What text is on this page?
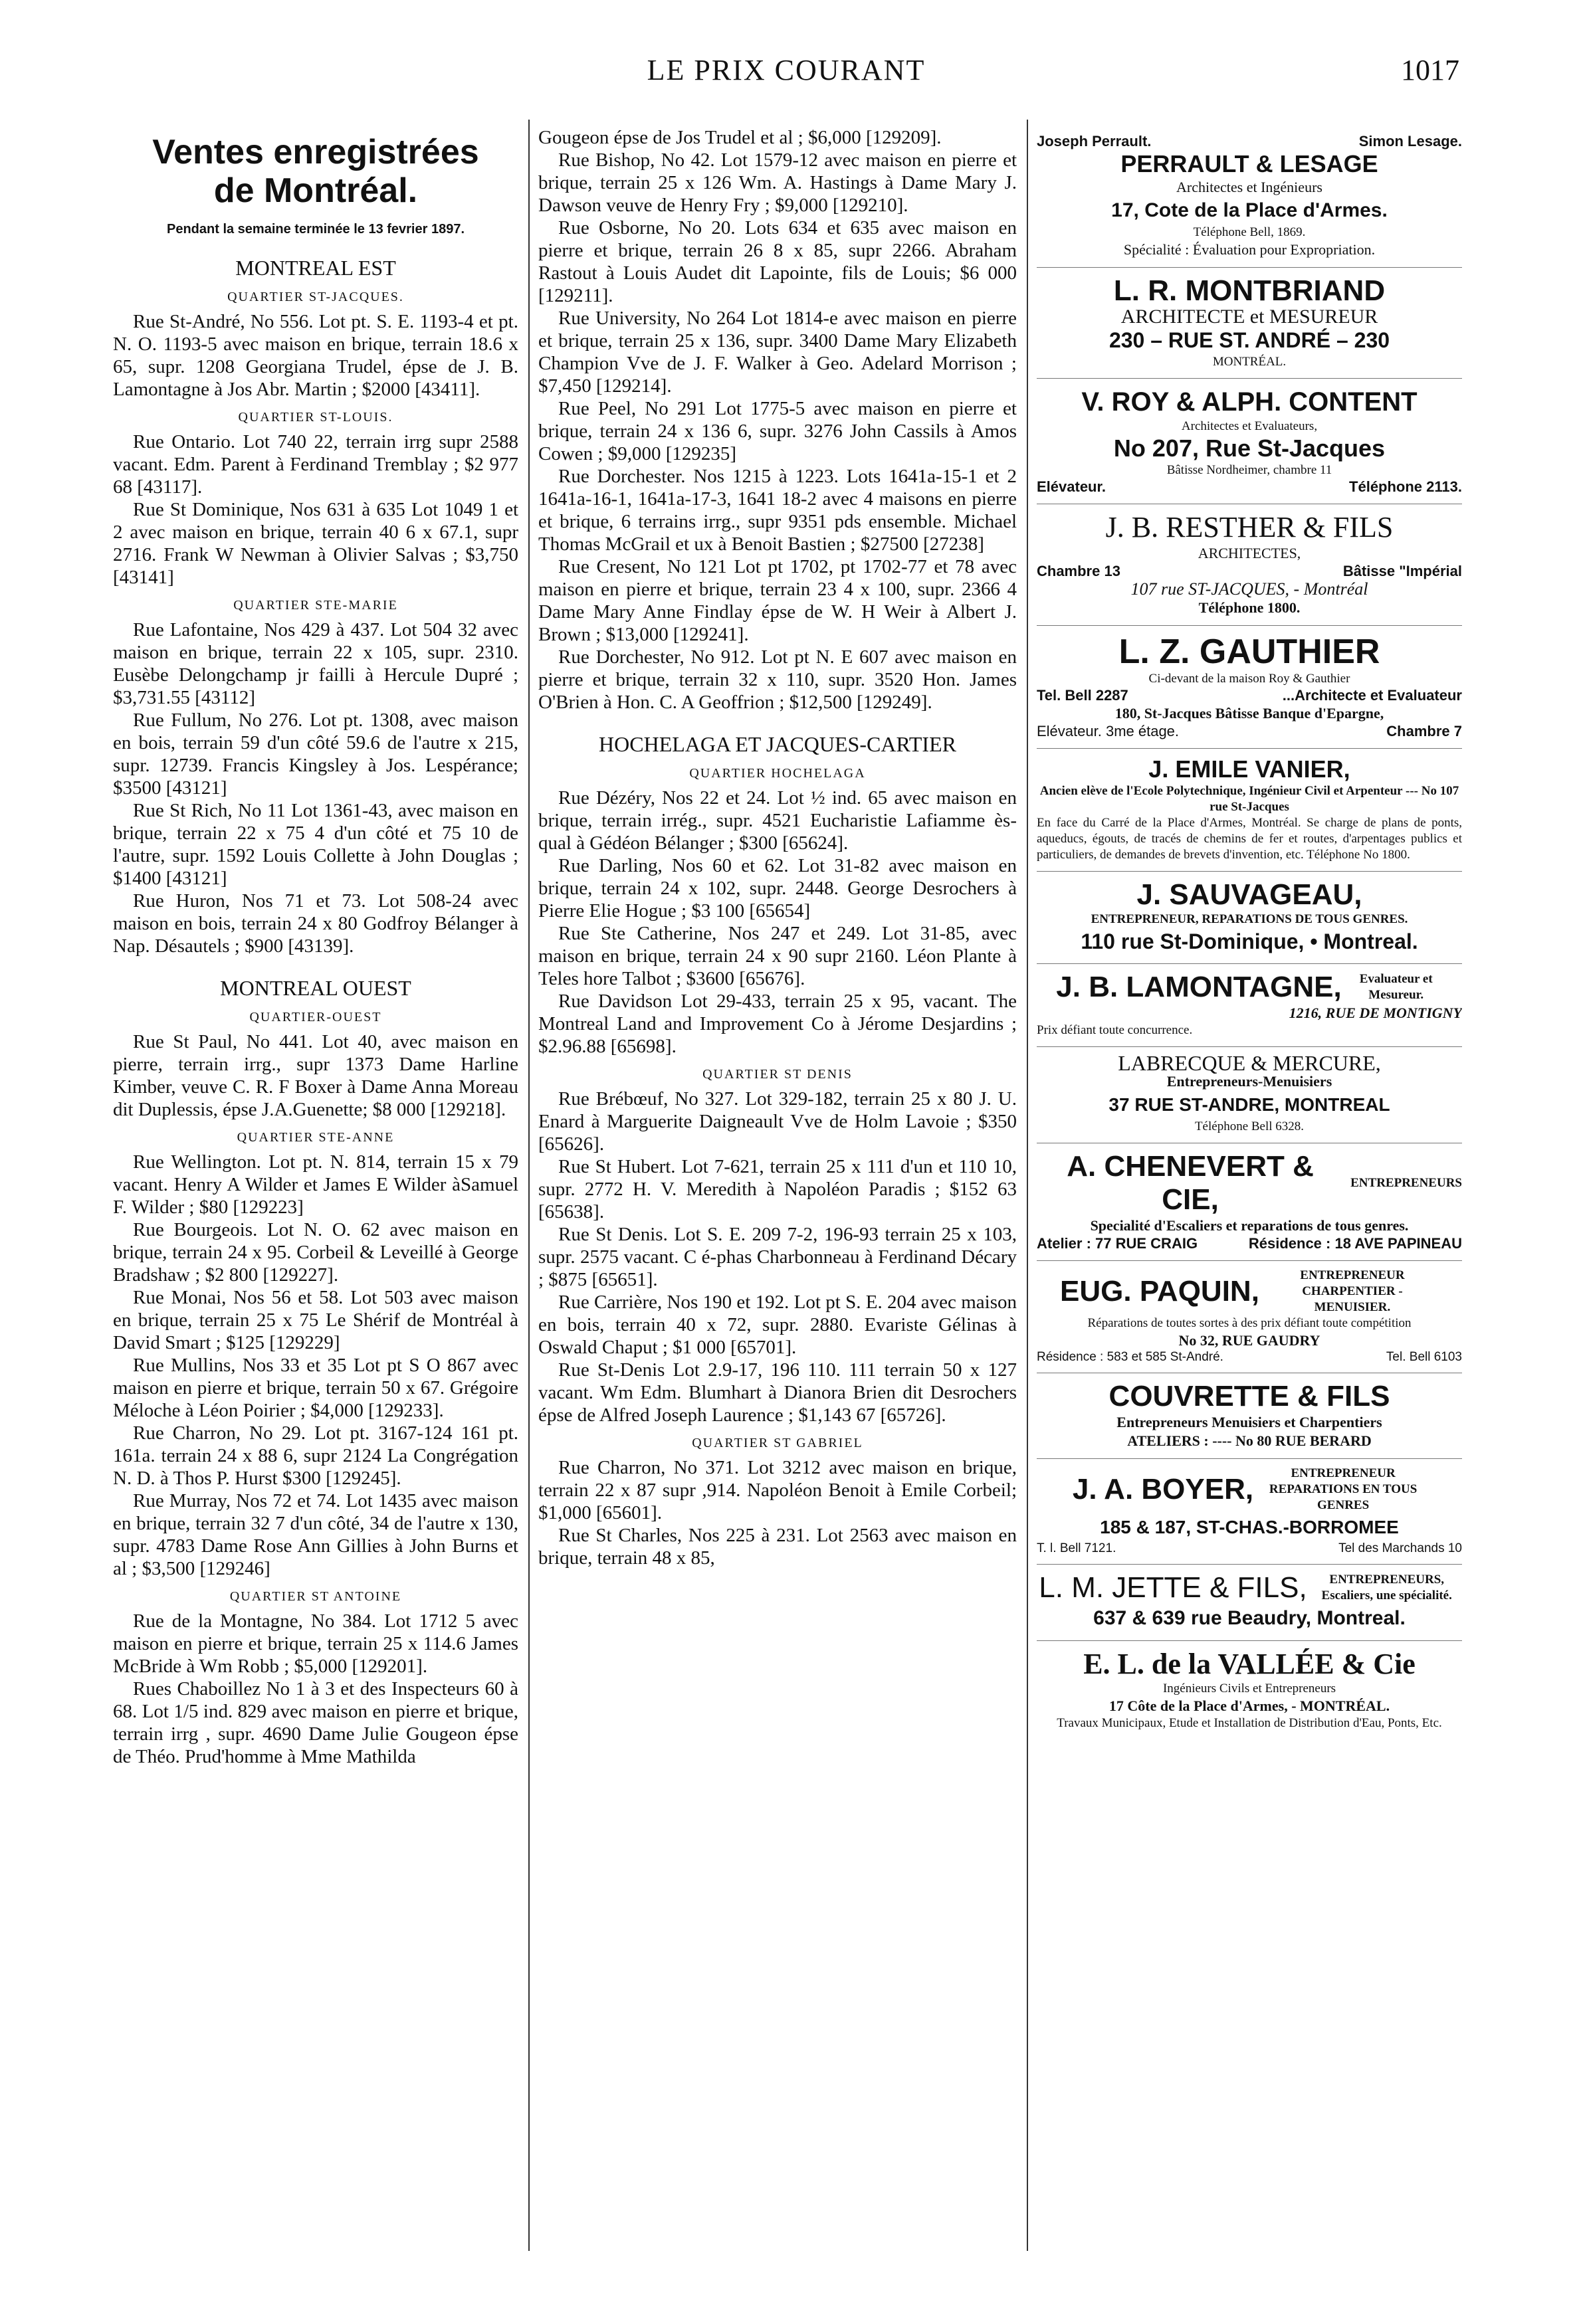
LE PRIX COURANT	1017
Ventes enregistrées
de Montréal.
Pendant la semaine terminée le 13 fevrier 1897.
MONTREAL EST
QUARTIER ST-JACQUES.

Rue St-André, No 556. Lot pt. S. E. 1193-4 et pt. N. O. 1193-5 avec maison en brique, terrain 18.6 x 65, supr. 1208 Georgiana Trudel, épse de J. B. Lamontagne à Jos Abr. Martin ; $2000 [43411].

QUARTIER ST-LOUIS.

Rue Ontario. Lot 740 22, terrain irrg supr 2588 vacant. Edm. Parent à Ferdinand Tremblay ; $2 977 68 [43117].

Rue St Dominique, Nos 631 à 635 Lot 1049 1 et 2 avec maison en brique, terrain 40 6 x 67.1, supr 2716. Frank W Newman à Olivier Salvas ; $3,750 [43141]

QUARTIER STE-MARIE

Rue Lafontaine, Nos 429 à 437. Lot 504 32 avec maison en brique, terrain 22 x 105, supr. 2310. Eusèbe Delongchamp jr failli à Hercule Dupré ; $3,731.55 [43112]

Rue Fullum, No 276. Lot pt. 1308, avec maison en bois, terrain 59 d'un côté 59.6 de l'autre x 215, supr. 12739. Francis Kingsley à Jos. Lespérance; $3500 [43121]

Rue St Rich, No 11 Lot 1361-43, avec maison en brique, terrain 22 x 75 4 d'un côté et 75 10 de l'autre, supr. 1592 Louis Collette à John Douglas ; $1400 [43121]

Rue Huron, Nos 71 et 73. Lot 508-24 avec maison en bois, terrain 24 x 80 Godfroy Bélanger à Nap. Désautels ; $900 [43139].

MONTREAL OUEST
QUARTIER-OUEST

Rue St Paul, No 441. Lot 40, avec maison en pierre, terrain irrg., supr 1373 Dame Harline Kimber, veuve C. R. F Boxer à Dame Anna Moreau dit Duplessis, épse J.A.Guenette; $8 000 [129218].

QUARTIER STE-ANNE

Rue Wellington. Lot pt. N. 814, terrain 15 x 79 vacant. Henry A Wilder et James E Wilder àSamuel F. Wilder ; $80 [129223]

Rue Bourgeois. Lot N. O. 62 avec maison en brique, terrain 24 x 95. Corbeil & Leveillé à George Bradshaw ; $2 800 [129227].

Rue Monai, Nos 56 et 58. Lot 503 avec maison en brique, terrain 25 x 75 Le Shérif de Montréal à David Smart ; $125 [129229]

Rue Mullins, Nos 33 et 35 Lot pt S O 867 avec maison en pierre et brique, terrain 50 x 67. Grégoire Méloche à Léon Poirier ; $4,000 [129233].

Rue Charron, No 29. Lot pt. 3167-124 161 pt. 161a. terrain 24 x 88 6, supr 2124 La Congrégation N. D. à Thos P. Hurst $300 [129245].

Rue Murray, Nos 72 et 74. Lot 1435 avec maison en brique, terrain 32 7 d'un côté, 34 de l'autre x 130, supr. 4783 Dame Rose Ann Gillies à John Burns et al ; $3,500 [129246]

QUARTIER ST ANTOINE

Rue de la Montagne, No 384. Lot 1712 5 avec maison en pierre et brique, terrain 25 x 114.6 James McBride à Wm Robb ; $5,000 [129201].

Rues Chaboillez No 1 à 3 et des Inspecteurs 60 à 68. Lot 1/5 ind. 829 avec maison en pierre et brique, terrain irrg , supr. 4690 Dame Julie Gougeon épse de Théo. Prud'homme à Mme Mathilda

Gougeon épse de Jos Trudel et al ; $6,000 [129209].

Rue Bishop, No 42. Lot 1579-12 avec maison en pierre et brique, terrain 25 x 126 Wm. A. Hastings à Dame Mary J. Dawson veuve de Henry Fry ; $9,000 [129210].

Rue Osborne, No 20. Lots 634 et 635 avec maison en pierre et brique, terrain 26 8 x 85, supr 2266. Abraham Rastout à Louis Audet dit Lapointe, fils de Louis; $6 000 [129211].

Rue University, No 264 Lot 1814-e avec maison en pierre et brique, terrain 25 x 136, supr. 3400 Dame Mary Elizabeth Champion Vve de J. F. Walker à Geo. Adelard Morrison ; $7,450 [129214].

Rue Peel, No 291 Lot 1775-5 avec maison en pierre et brique, terrain 24 x 136 6, supr. 3276 John Cassils à Amos Cowen ; $9,000 [129235]

Rue Dorchester. Nos 1215 à 1223. Lots 1641a-15-1 et 2 1641a-16-1, 1641a-17-3, 1641 18-2 avec 4 maisons en pierre et brique, 6 terrains irrg., supr 9351 pds ensemble. Michael Thomas McGrail et ux à Benoit Bastien ; $27500 [27238]

Rue Cresent, No 121 Lot pt 1702, pt 1702-77 et 78 avec maison en pierre et brique, terrain 23 4 x 100, supr. 2366 4 Dame Mary Anne Findlay épse de W. H Weir à Albert J. Brown ; $13,000 [129241].

Rue Dorchester, No 912. Lot pt N. E 607 avec maison en pierre et brique, terrain 32 x 110, supr. 3520 Hon. James O'Brien à Hon. C. A Geoffrion ; $12,500 [129249].

HOCHELAGA ET JACQUES-CARTIER
QUARTIER HOCHELAGA

Rue Dézéry, Nos 22 et 24. Lot ½ ind. 65 avec maison en brique, terrain irrég., supr. 4521 Eucharistie Lafiamme ès-qual à Gédéon Bélanger ; $300 [65624].

Rue Darling, Nos 60 et 62. Lot 31-82 avec maison en brique, terrain 24 x 102, supr. 2448. George Desrochers à Pierre Elie Hogue ; $3 100 [65654]

Rue Ste Catherine, Nos 247 et 249. Lot 31-85, avec maison en brique, terrain 24 x 90 supr 2160. Léon Plante à Teles hore Talbot ; $3600 [65676].

Rue Davidson Lot 29-433, terrain 25 x 95, vacant. The Montreal Land and Improvement Co à Jérome Desjardins ; $2.96.88 [65698].

QUARTIER ST DENIS

Rue Brébœuf, No 327. Lot 329-182, terrain 25 x 80 J. U. Enard à Marguerite Daigneault Vve de Holm Lavoie ; $350 [65626].

Rue St Hubert. Lot 7-621, terrain 25 x 111 d'un et 110 10, supr. 2772 H. V. Meredith à Napoléon Paradis ; $152 63 [65638].

Rue St Denis. Lot S. E. 209 7-2, 196-93 terrain 25 x 103, supr. 2575 vacant. C é-phas Charbonneau à Ferdinand Décary ; $875 [65651].

Rue Carrière, Nos 190 et 192. Lot pt S. E. 204 avec maison en bois, terrain 40 x 72, supr. 2880. Evariste Gélinas à Oswald Chaput ; $1 000 [65701].

Rue St-Denis Lot 2.9-17, 196 110. 111 terrain 50 x 127 vacant. Wm Edm. Blumhart à Dianora Brien dit Desrochers épse de Alfred Joseph Laurence ; $1,143 67 [65726].

QUARTIER ST GABRIEL

Rue Charron, No 371. Lot 3212 avec maison en brique, terrain 22 x 87 supr ,914. Napoléon Benoit à Emile Corbeil; $1,000 [65601].

Rue St Charles, Nos 225 à 231. Lot 2563 avec maison en brique, terrain 48 x 85,

Joseph Perrault.	Simon Lesage.
PERRAULT & LESAGE
Architectes et Ingénieurs
17, Cote de la Place d'Armes.
Téléphone Bell, 1869.
Spécialité : Évaluation pour Expropriation.
L. R. MONTBRIAND
ARCHITECTE et MESUREUR
230 – RUE ST. ANDRÉ – 230
MONTRÉAL.
V. ROY & ALPH. CONTENT
Architectes et Evaluateurs,
No 207, Rue St-Jacques
Bâtisse Nordheimer, chambre 11
Elévateur.	Téléphone 2113.
J. B. RESTHER & FILS
ARCHITECTES,
Chambre 13	Bâtisse "Impérial
107 rue ST-JACQUES, - Montréal
Téléphone 1800.
L. Z. GAUTHIER
Ci-devant de la maison Roy & Gauthier
Tel. Bell 2287	...Architecte et Evaluateur
180, St-Jacques Bâtisse Banque d'Epargne,
Elévateur. 3me étage.	Chambre 7
J. EMILE VANIER,
Ancien elève de l'Ecole Polytechnique, Ingénieur Civil et Arpenteur --- No 107 rue St-Jacques
En face du Carré de la Place d'Armes, Montréal. Se charge de plans de ponts, aqueducs, égouts, de tracés de chemins de fer et routes, d'arpentages publics et particuliers, de demandes de brevets d'invention, etc. Téléphone No 1800.
J. SAUVAGEAU,
ENTREPRENEUR, REPARATIONS DE TOUS GENRES.
110 rue St-Dominique, • Montreal.
J. B. LAMONTAGNE,	Evaluateur et Mesureur.
1216, RUE DE MONTIGNY
Prix défiant toute concurrence.
LABRECQUE & MERCURE,
Entrepreneurs-Menuisiers
37 RUE ST-ANDRE, MONTREAL
Téléphone Bell 6328.
A. CHENEVERT & CIE,
ENTREPRENEURS
Specialité d'Escaliers et reparations de tous genres.
Atelier : 77 RUE CRAIG	Résidence : 18 AVE PAPINEAU
EUG. PAQUIN,	ENTREPRENEUR CHARPENTIER - MENUISIER.
Réparations de toutes sortes à des prix défiant toute compétition
No 32, RUE GAUDRY
Résidence : 583 et 585 St-André.	Tel. Bell 6103
COUVRETTE & FILS
Entrepreneurs Menuisiers et Charpentiers
ATELIERS : ---- No 80 RUE BERARD
J. A. BOYER,	ENTREPRENEUR REPARATIONS EN TOUS GENRES
185 & 187, ST-CHAS.-BORROMEE
T. l. Bell 7121.	Tel des Marchands 10
L. M. JETTE & FILS,	ENTREPRENEURS, Escaliers, une spécialité.
637 & 639 rue Beaudry, Montreal.
E. L. de la VALLÉE & Cie
Ingénieurs Civils et Entrepreneurs
17 Côte de la Place d'Armes, - MONTRÉAL.
Travaux Municipaux, Etude et Installation de Distribution d'Eau, Ponts, Etc.
